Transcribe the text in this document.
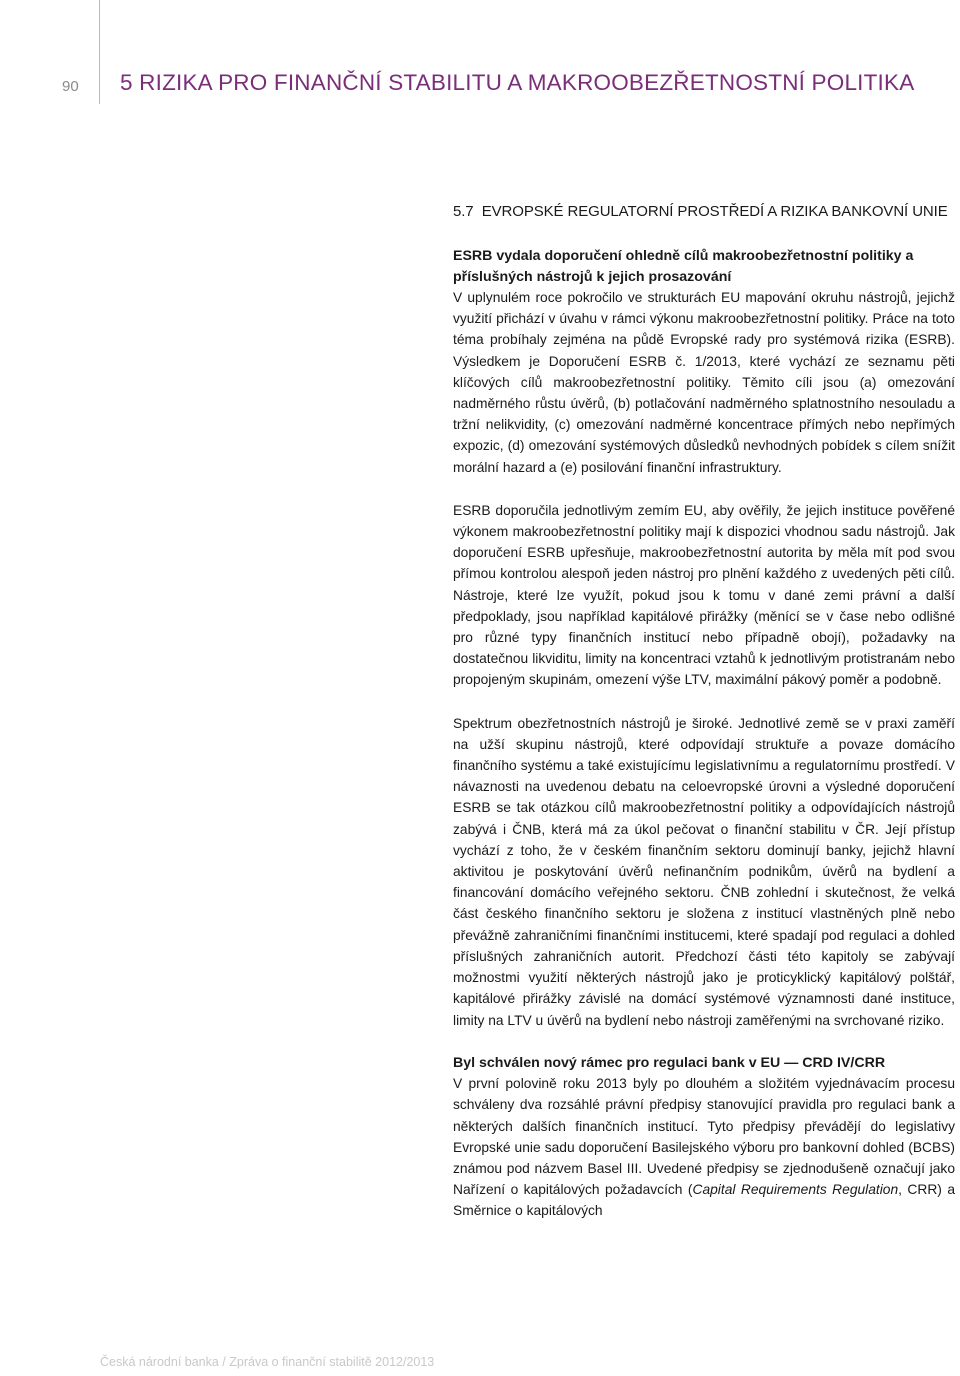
90 5 RIZIKA PRO FINANČNÍ STABILITU A MAKROOBEZŘETNOSTNÍ POLITIKA
5.7 EVROPSKÉ REGULATORNÍ PROSTŘEDÍ A RIZIKA BANKOVNÍ UNIE
ESRB vydala doporučení ohledně cílů makroobezřetnostní politiky a příslušných nástrojů k jejich prosazování

V uplynulém roce pokročilo ve strukturách EU mapování okruhu nástrojů, jejichž využití přichází v úvahu v rámci výkonu makroobezřetnostní politiky. Práce na toto téma probíhaly zejména na půdě Evropské rady pro systémová rizika (ESRB). Výsledkem je Doporučení ESRB č. 1/2013, které vychází ze seznamu pěti klíčových cílů makroobezřetnostní politiky. Těmito cíli jsou (a) omezování nadměrného růstu úvěrů, (b) potlačování nadměrného splatnostního nesouladu a tržní nelikvidity, (c) omezování nadměrné koncentrace přímých nebo nepřímých expozic, (d) omezování systémových důsledků nevhodných pobídek s cílem snížit morální hazard a (e) posilování finanční infrastruktury.

ESRB doporučila jednotlivým zemím EU, aby ověřily, že jejich instituce pověřené výkonem makroobezřetnostní politiky mají k dispozici vhodnou sadu nástrojů. Jak doporučení ESRB upřesňuje, makroobezřetnostní autorita by měla mít pod svou přímou kontrolou alespoň jeden nástroj pro plnění každého z uvedených pěti cílů. Nástroje, které lze využít, pokud jsou k tomu v dané zemi právní a další předpoklady, jsou například kapitálové přirážky (měnící se v čase nebo odlišné pro různé typy finančních institucí nebo případně obojí), požadavky na dostatečnou likviditu, limity na koncentraci vztahů k jednotlivým protistranám nebo propojeným skupinám, omezení výše LTV, maximální pákový poměr a podobně.

Spektrum obezřetnostních nástrojů je široké. Jednotlivé země se v praxi zaměří na užší skupinu nástrojů, které odpovídají struktuře a povaze domácího finančního systému a také existujícímu legislativnímu a regulatornímu prostředí. V návaznosti na uvedenou debatu na celoevropské úrovni a výsledné doporučení ESRB se tak otázkou cílů makroobezřetnostní politiky a odpovídajících nástrojů zabývá i ČNB, která má za úkol pečovat o finanční stabilitu v ČR. Její přístup vychází z toho, že v českém finančním sektoru dominují banky, jejichž hlavní aktivitou je poskytování úvěrů nefinančním podnikům, úvěrů na bydlení a financování domácího veřejného sektoru. ČNB zohlední i skutečnost, že velká část českého finančního sektoru je složena z institucí vlastněných plně nebo převážně zahraničními finančními institucemi, které spadají pod regulaci a dohled příslušných zahraničních autorit. Předchozí části této kapitoly se zabývají možnostmi využití některých nástrojů jako je proticyklický kapitálový polštář, kapitálové přirážky závislé na domácí systémové významnosti dané instituce, limity na LTV u úvěrů na bydlení nebo nástroji zaměřenými na svrchované riziko.

Byl schválen nový rámec pro regulaci bank v EU — CRD IV/CRR

V první polovině roku 2013 byly po dlouhém a složitém vyjednávacím procesu schváleny dva rozsáhlé právní předpisy stanovující pravidla pro regulaci bank a některých dalších finančních institucí. Tyto předpisy převádějí do legislativy Evropské unie sadu doporučení Basilejského výboru pro bankovní dohled (BCBS) známou pod názvem Basel III. Uvedené předpisy se zjednodušeně označují jako Nařízení o kapitálových požadavcích (Capital Requirements Regulation, CRR) a Směrnice o kapitálových

Česká národní banka / Zpráva o finanční stabilitě 2012/2013
